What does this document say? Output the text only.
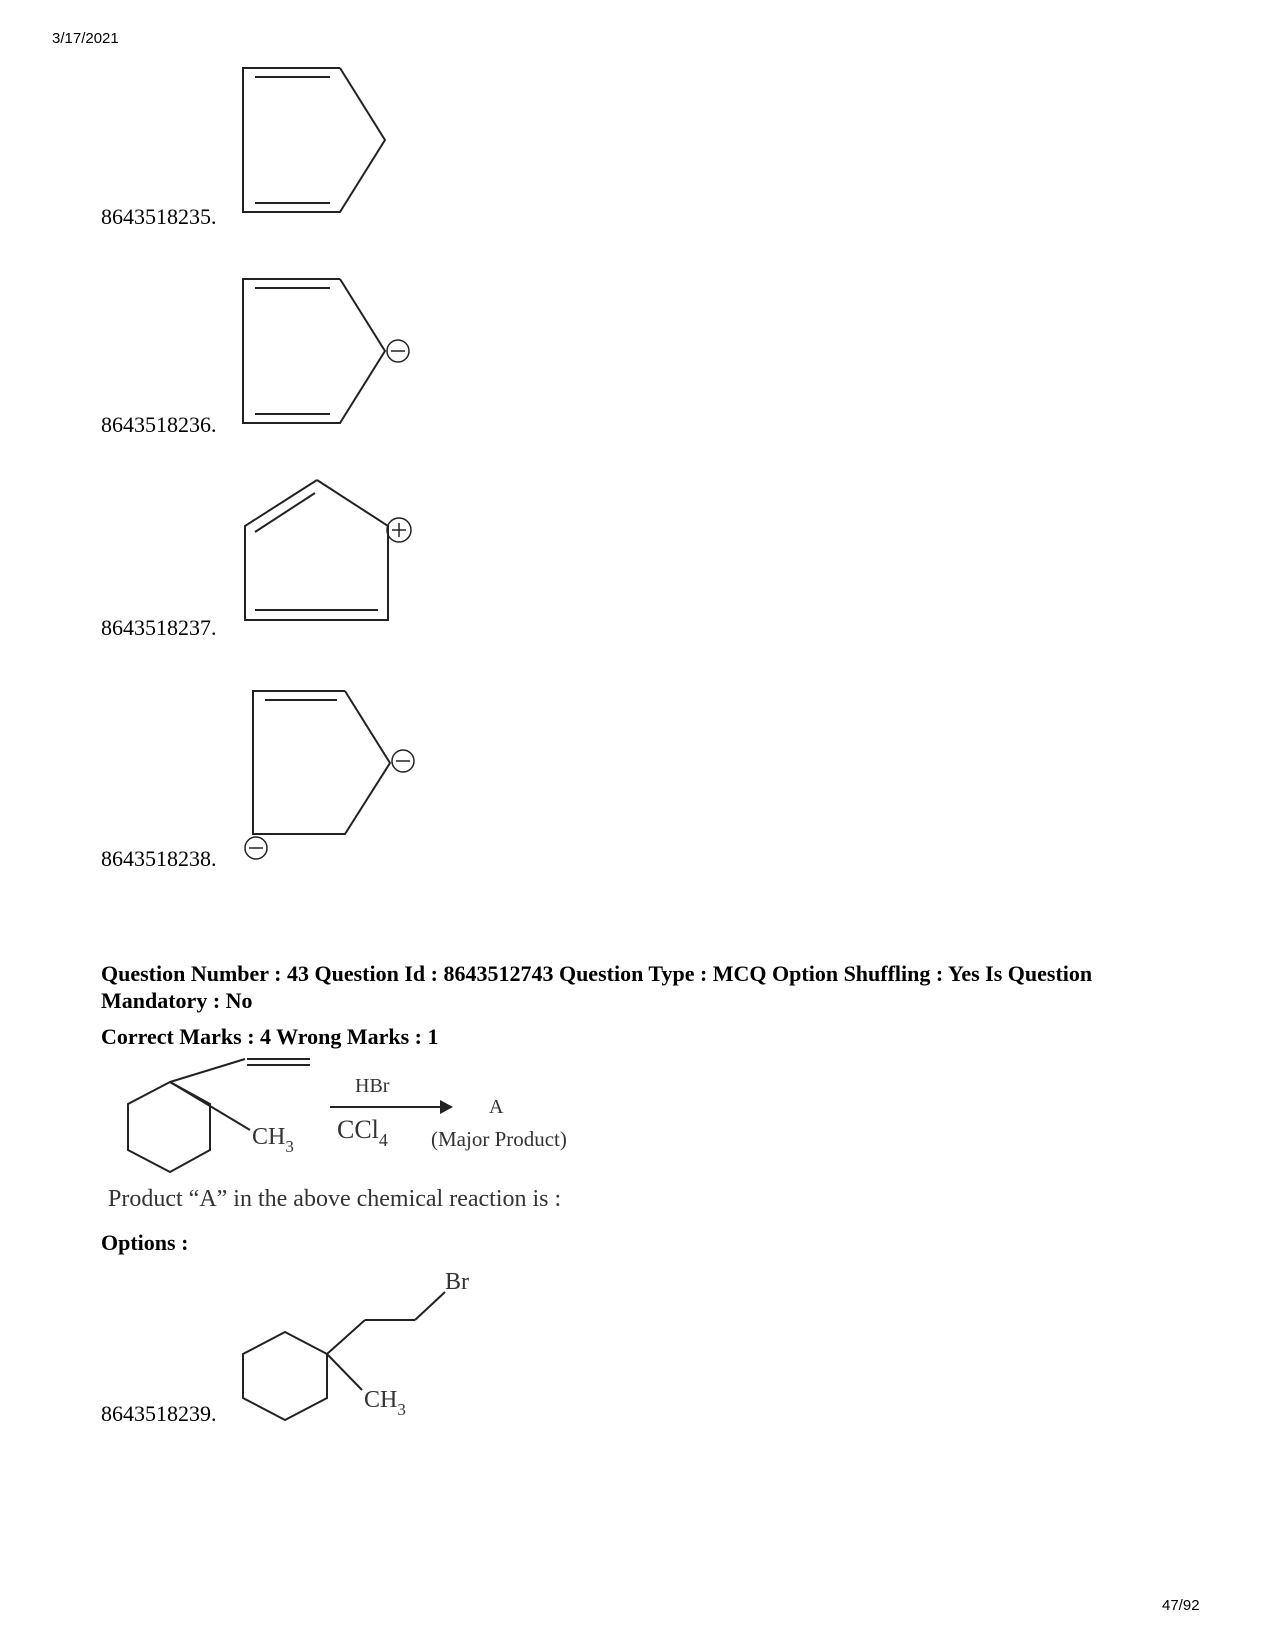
3/17/2021
8643518235.
8643518236.
8643518237.
8643518238.
Question Number : 43 Question Id : 8643512743 Question Type : MCQ Option Shuffling : Yes Is Question Mandatory : No
Correct Marks : 4 Wrong Marks : 1
$CH_3$
HBr
CCl$_4$
A
(Major Product)
Product “A” in the above chemical reaction is :
Options :
8643518239.
Br
$CH_3$
47/92
